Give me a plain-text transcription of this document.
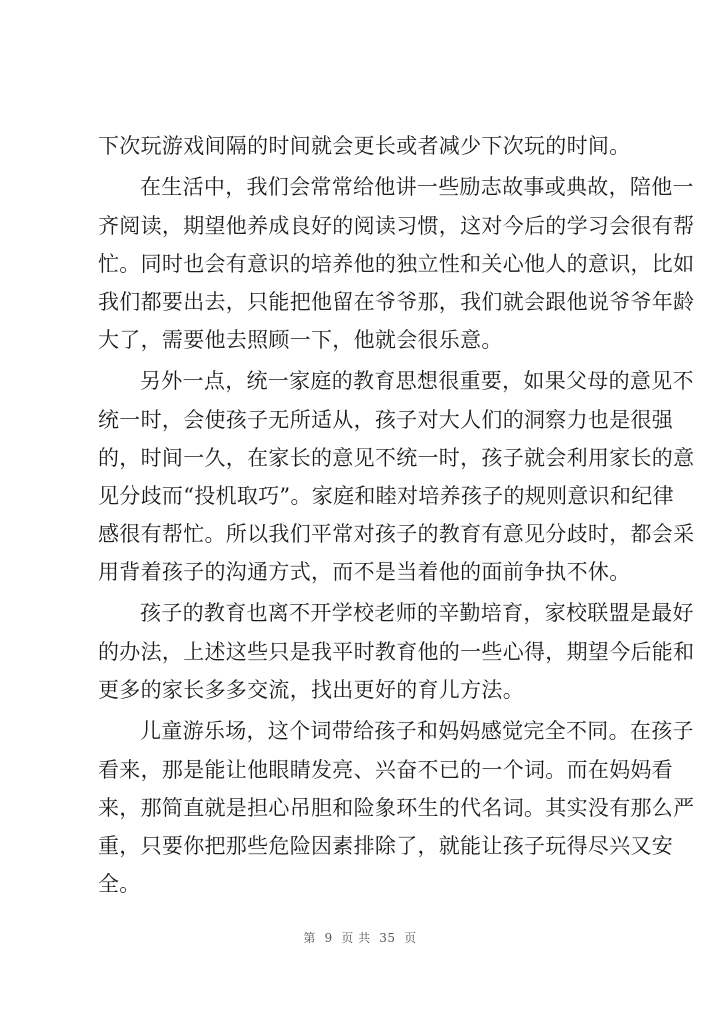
下次玩游戏间隔的时间就会更长或者减少下次玩的时间。
在生活中，我们会常常给他讲一些励志故事或典故，陪他一
齐阅读，期望他养成良好的阅读习惯，这对今后的学习会很有帮
忙。同时也会有意识的培养他的独立性和关心他人的意识，比如
我们都要出去，只能把他留在爷爷那，我们就会跟他说爷爷年龄
大了，需要他去照顾一下，他就会很乐意。
另外一点，统一家庭的教育思想很重要，如果父母的意见不
统一时，会使孩子无所适从，孩子对大人们的洞察力也是很强
的，时间一久，在家长的意见不统一时，孩子就会利用家长的意
见分歧而“投机取巧”。家庭和睦对培养孩子的规则意识和纪律
感很有帮忙。所以我们平常对孩子的教育有意见分歧时，都会采
用背着孩子的沟通方式，而不是当着他的面前争执不休。
孩子的教育也离不开学校老师的辛勤培育，家校联盟是最好
的办法，上述这些只是我平时教育他的一些心得，期望今后能和
更多的家长多多交流，找出更好的育儿方法。
儿童游乐场，这个词带给孩子和妈妈感觉完全不同。在孩子
看来，那是能让他眼睛发亮、兴奋不已的一个词。而在妈妈看
来，那简直就是担心吊胆和险象环生的代名词。其实没有那么严
重，只要你把那些危险因素排除了，就能让孩子玩得尽兴又安
全。
第  9  页 共  35  页
